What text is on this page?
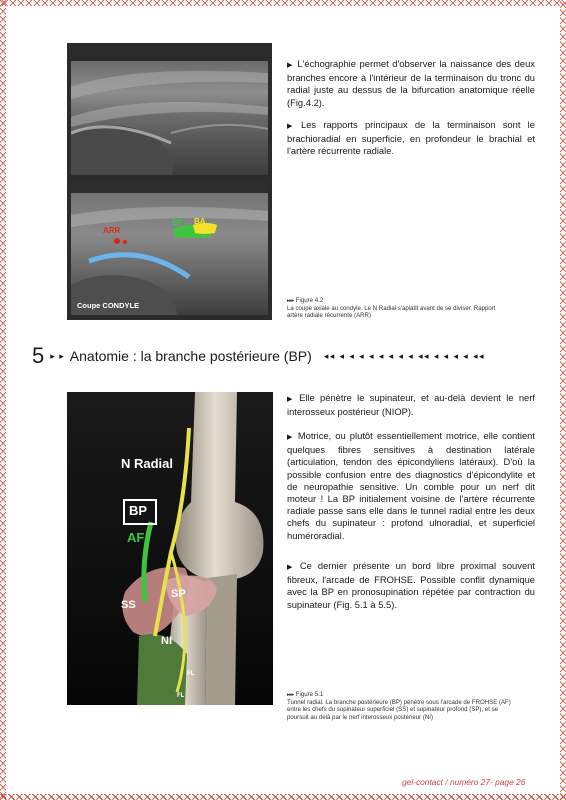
ARR
BP BA
Coupe CONDYLE
▶ L'échographie permet d'observer la naissance des deux branches encore à l'intérieur de la terminaison du tronc du radial juste au dessus de la bifurcation anatomique réelle (Fig.4.2).
▶ Les rapports principaux de la terminaison sont le brachioradial en superficie, en profondeur le brachial et l'artère récurrente radiale.
▸▸▸ Figure 4.2
La coupe axiale au condyle. Le N Radial s'aplatit avant de se diviser. Rapport artère radiale récurrente (ARR)
5 ▸ ▸ Anatomie : la branche postérieure (BP) ◂◂ ◂ ◂ ◂ ◂ ◂ ◂ ◂ ◂ ◂◂ ◂ ◂ ◂ ◂ ◂◂
N Radial
BP
AF
SS
SP
NI
FL
FL
▶ Elle pénètre le supinateur, et au-delà devient le nerf interosseux postérieur (NIOP).
▶ Motrice, ou plutôt essentiellement motrice, elle contient quelques fibres sensitives à destination latérale (articulation, tendon des épicondyliens latéraux). D'où la possible confusion entre des diagnostics d'épicondylite et de neuropathie sensitive. Un comble pour un nerf dit moteur ! La BP initialement voisine de l'artère récurrente radiale passe sans elle dans le tunnel radial entre les deux chefs du supinateur : profond ulnoradial, et superficiel huméroradial.
▶ Ce dernier présente un bord libre proximal souvent fibreux, l'arcade de FROHSE. Possible conflit dynamique avec la BP en pronosupination répétée par contraction du supinateur (Fig. 5.1 à 5.5).
▸▸▸ Figure 5.1
Tunnel radial. La branche postérieure (BP) pénètre sous l'arcade de FROHSE (AF) entre les chefs du supinateur superficiel (SS) et supinateur profond (SP), et se poursuit au delà par le nerf interosseux postérieur (NI)
gel-contact / numéro 27- page 26
